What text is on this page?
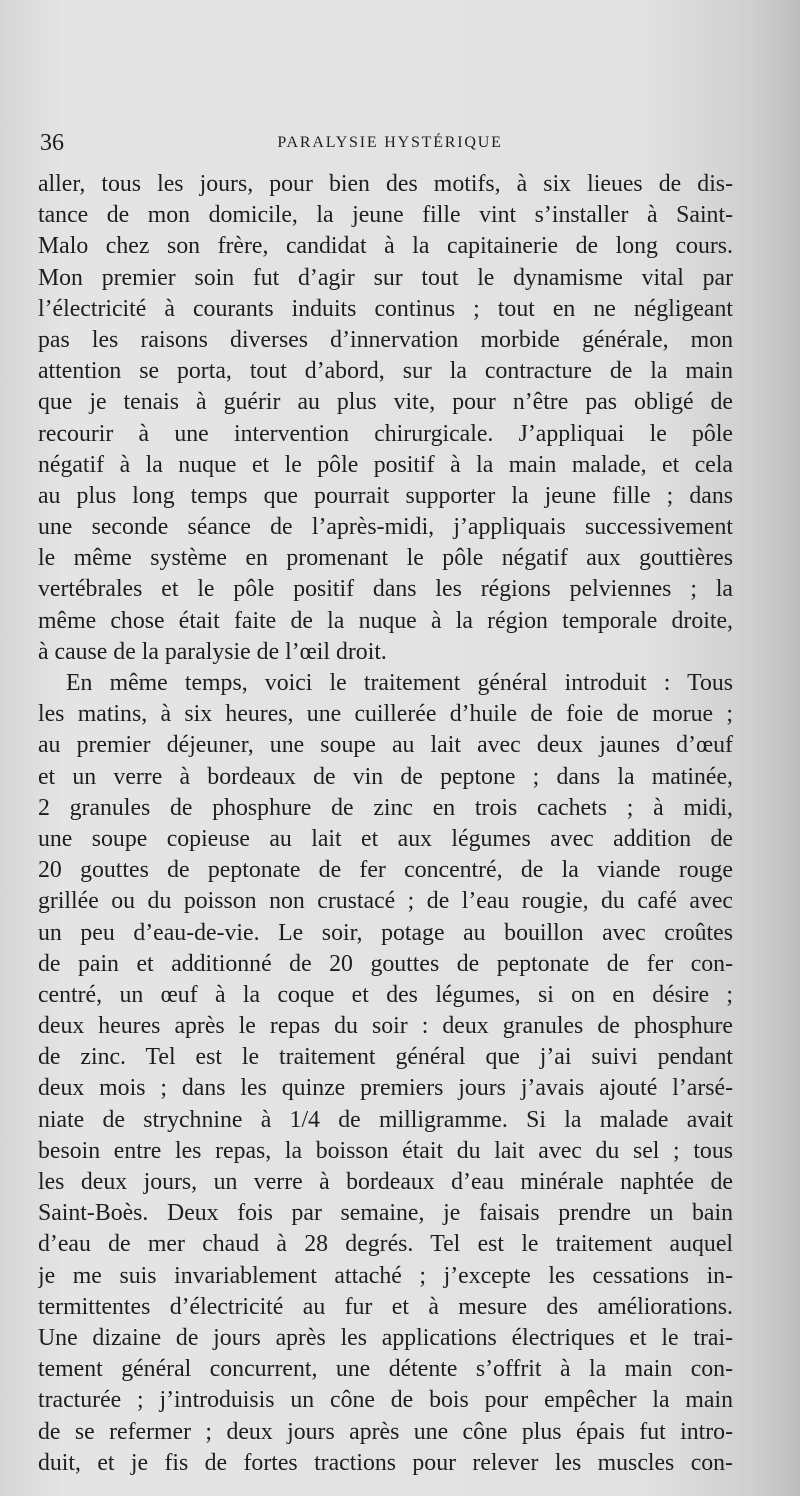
36	PARALYSIE HYSTÉRIQUE
aller, tous les jours, pour bien des motifs, à six lieues de dis-
tance de mon domicile, la jeune fille vint s’installer à Saint-
Malo chez son frère, candidat à la capitainerie de long cours.
Mon premier soin fut d’agir sur tout le dynamisme vital par
l’électricité à courants induits continus ; tout en ne négligeant
pas les raisons diverses d’innervation morbide générale, mon
attention se porta, tout d’abord, sur la contracture de la main
que je tenais à guérir au plus vite, pour n’être pas obligé de
recourir à une intervention chirurgicale. J’appliquai le pôle
négatif à la nuque et le pôle positif à la main malade, et cela
au plus long temps que pourrait supporter la jeune fille ; dans
une seconde séance de l’après-midi, j’appliquais successivement
le même système en promenant le pôle négatif aux gouttières
vertébrales et le pôle positif dans les régions pelviennes ; la
même chose était faite de la nuque à la région temporale droite,
à cause de la paralysie de l’œil droit.
En même temps, voici le traitement général introduit : Tous
les matins, à six heures, une cuillerée d’huile de foie de morue ;
au premier déjeuner, une soupe au lait avec deux jaunes d’œuf
et un verre à bordeaux de vin de peptone ; dans la matinée,
2 granules de phosphure de zinc en trois cachets ; à midi,
une soupe copieuse au lait et aux légumes avec addition de
20 gouttes de peptonate de fer concentré, de la viande rouge
grillée ou du poisson non crustacé ; de l’eau rougie, du café avec
un peu d’eau-de-vie. Le soir, potage au bouillon avec croûtes
de pain et additionné de 20 gouttes de peptonate de fer con-
centré, un œuf à la coque et des légumes, si on en désire ;
deux heures après le repas du soir : deux granules de phosphure
de zinc. Tel est le traitement général que j’ai suivi pendant
deux mois ; dans les quinze premiers jours j’avais ajouté l’arsé-
niate de strychnine à 1/4 de milligramme. Si la malade avait
besoin entre les repas, la boisson était du lait avec du sel ; tous
les deux jours, un verre à bordeaux d’eau minérale naphtée de
Saint-Boès. Deux fois par semaine, je faisais prendre un bain
d’eau de mer chaud à 28 degrés. Tel est le traitement auquel
je me suis invariablement attaché ; j’excepte les cessations in-
termittentes d’électricité au fur et à mesure des améliorations.
Une dizaine de jours après les applications électriques et le trai-
tement général concurrent, une détente s’offrit à la main con-
tracturée ; j’introduisis un cône de bois pour empêcher la main
de se refermer ; deux jours après une cône plus épais fut intro-
duit, et je fis de fortes tractions pour relever les muscles con-
